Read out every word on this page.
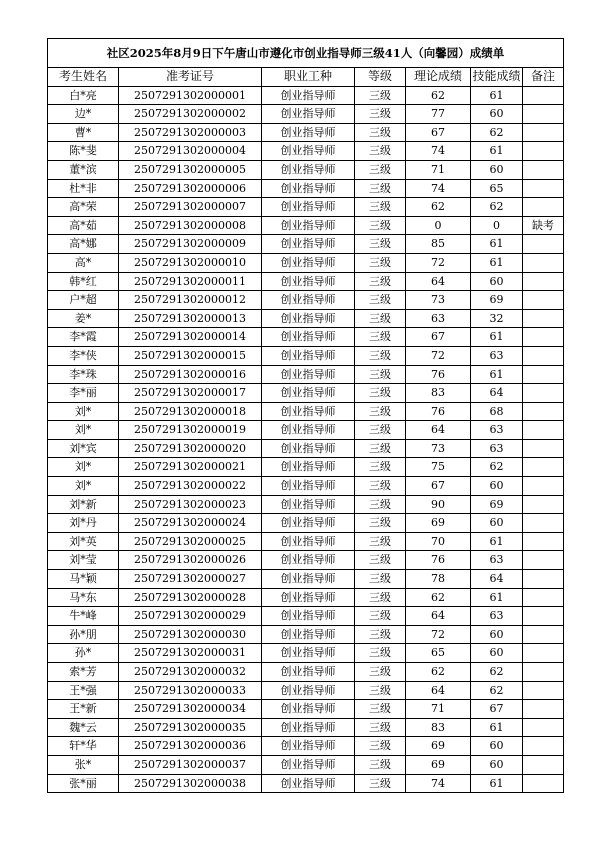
社区2025年8月9日下午唐山市遵化市创业指导师三级41人（向馨园）成绩单						
考生姓名	准考证号	职业工种	等级	理论成绩	技能成绩	备注
白*亮	2507291302000001	创业指导师	三级	62	61	
边*	2507291302000002	创业指导师	三级	77	60	
曹*	2507291302000003	创业指导师	三级	67	62	
陈*斐	2507291302000004	创业指导师	三级	74	61	
董*滨	2507291302000005	创业指导师	三级	71	60	
杜*非	2507291302000006	创业指导师	三级	74	65	
高*荣	2507291302000007	创业指导师	三级	62	62	
高*茹	2507291302000008	创业指导师	三级	0	0	缺考
高*娜	2507291302000009	创业指导师	三级	85	61	
高*	2507291302000010	创业指导师	三级	72	61	
韩*红	2507291302000011	创业指导师	三级	64	60	
户*超	2507291302000012	创业指导师	三级	73	69	
姜*	2507291302000013	创业指导师	三级	63	32	
李*霞	2507291302000014	创业指导师	三级	67	61	
李*侠	2507291302000015	创业指导师	三级	72	63	
李*珠	2507291302000016	创业指导师	三级	76	61	
李*丽	2507291302000017	创业指导师	三级	83	64	
刘*	2507291302000018	创业指导师	三级	76	68	
刘*	2507291302000019	创业指导师	三级	64	63	
刘*宾	2507291302000020	创业指导师	三级	73	63	
刘*	2507291302000021	创业指导师	三级	75	62	
刘*	2507291302000022	创业指导师	三级	67	60	
刘*新	2507291302000023	创业指导师	三级	90	69	
刘*丹	2507291302000024	创业指导师	三级	69	60	
刘*英	2507291302000025	创业指导师	三级	70	61	
刘*莹	2507291302000026	创业指导师	三级	76	63	
马*颖	2507291302000027	创业指导师	三级	78	64	
马*东	2507291302000028	创业指导师	三级	62	61	
牛*峰	2507291302000029	创业指导师	三级	64	63	
孙*朋	2507291302000030	创业指导师	三级	72	60	
孙*	2507291302000031	创业指导师	三级	65	60	
索*芳	2507291302000032	创业指导师	三级	62	62	
王*强	2507291302000033	创业指导师	三级	64	62	
王*新	2507291302000034	创业指导师	三级	71	67	
魏*云	2507291302000035	创业指导师	三级	83	61	
轩*华	2507291302000036	创业指导师	三级	69	60	
张*	2507291302000037	创业指导师	三级	69	60	
张*丽	2507291302000038	创业指导师	三级	74	61	
